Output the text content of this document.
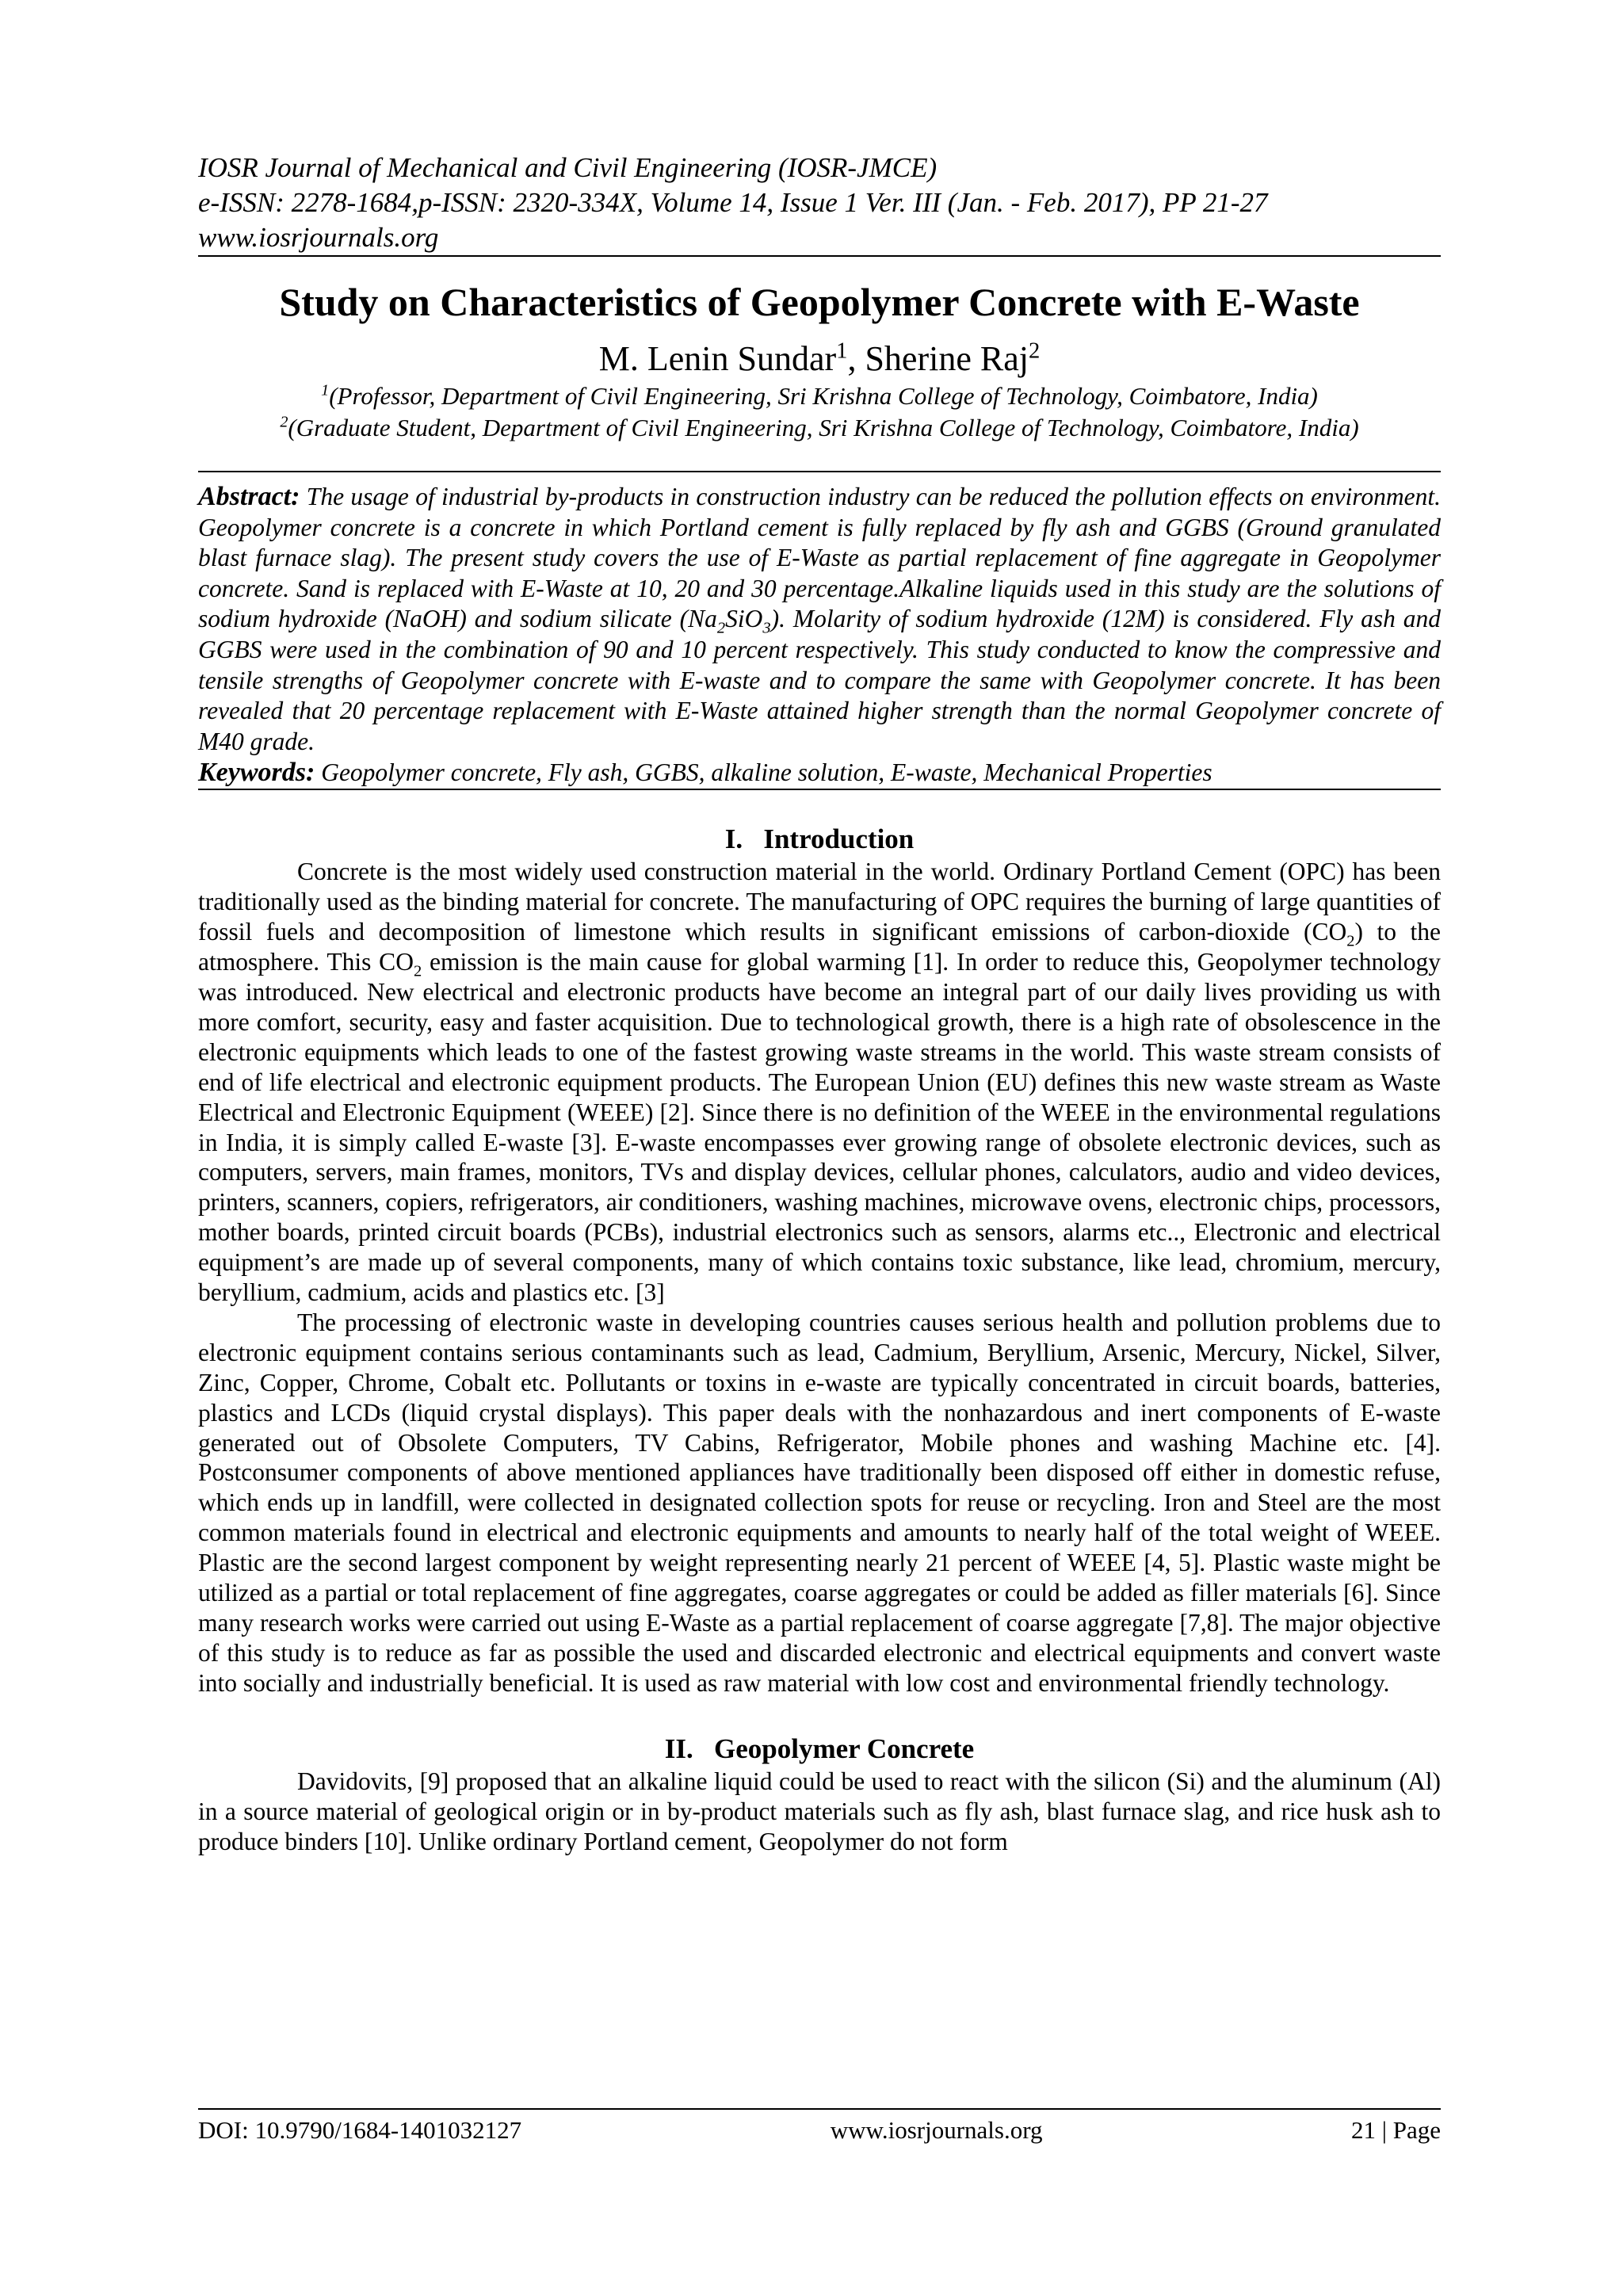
IOSR Journal of Mechanical and Civil Engineering (IOSR-JMCE)
e-ISSN: 2278-1684,p-ISSN: 2320-334X, Volume 14, Issue 1 Ver. III (Jan. - Feb. 2017), PP 21-27
www.iosrjournals.org
Study on Characteristics of Geopolymer Concrete with E-Waste
M. Lenin Sundar$^1$, Sherine Raj$^2$
$^1$(Professor, Department of Civil Engineering, Sri Krishna College of Technology, Coimbatore, India)
$^2$(Graduate Student, Department of Civil Engineering, Sri Krishna College of Technology, Coimbatore, India)
Abstract: The usage of industrial by-products in construction industry can be reduced the pollution effects on environment. Geopolymer concrete is a concrete in which Portland cement is fully replaced by fly ash and GGBS (Ground granulated blast furnace slag). The present study covers the use of E-Waste as partial replacement of fine aggregate in Geopolymer concrete. Sand is replaced with E-Waste at 10, 20 and 30 percentage.Alkaline liquids used in this study are the solutions of sodium hydroxide (NaOH) and sodium silicate $(Na_2SiO_3)$. Molarity of sodium hydroxide (12M) is considered. Fly ash and GGBS were used in the combination of 90 and 10 percent respectively. This study conducted to know the compressive and tensile strengths of Geopolymer concrete with E-waste and to compare the same with Geopolymer concrete. It has been revealed that 20 percentage replacement with E-Waste attained higher strength than the normal Geopolymer concrete of M40 grade.
Keywords: Geopolymer concrete, Fly ash, GGBS, alkaline solution, E-waste, Mechanical Properties
I.  Introduction

Concrete is the most widely used construction material in the world. Ordinary Portland Cement (OPC) has been traditionally used as the binding material for concrete. The manufacturing of OPC requires the burning of large quantities of fossil fuels and decomposition of limestone which results in significant emissions of carbon-dioxide $(CO_2)$ to the atmosphere. This $CO_2$ emission is the main cause for global warming [1]. In order to reduce this, Geopolymer technology was introduced. New electrical and electronic products have become an integral part of our daily lives providing us with more comfort, security, easy and faster acquisition. Due to technological growth, there is a high rate of obsolescence in the electronic equipments which leads to one of the fastest growing waste streams in the world. This waste stream consists of end of life electrical and electronic equipment products. The European Union (EU) defines this new waste stream as Waste Electrical and Electronic Equipment (WEEE) [2]. Since there is no definition of the WEEE in the environmental regulations in India, it is simply called E-waste [3]. E-waste encompasses ever growing range of obsolete electronic devices, such as computers, servers, main frames, monitors, TVs and display devices, cellular phones, calculators, audio and video devices, printers, scanners, copiers, refrigerators, air conditioners, washing machines, microwave ovens, electronic chips, processors, mother boards, printed circuit boards (PCBs), industrial electronics such as sensors, alarms etc.., Electronic and electrical equipment’s are made up of several components, many of which contains toxic substance, like lead, chromium, mercury, beryllium, cadmium, acids and plastics etc. [3]

The processing of electronic waste in developing countries causes serious health and pollution problems due to electronic equipment contains serious contaminants such as lead, Cadmium, Beryllium, Arsenic, Mercury, Nickel, Silver, Zinc, Copper, Chrome, Cobalt etc. Pollutants or toxins in e-waste are typically concentrated in circuit boards, batteries, plastics and LCDs (liquid crystal displays). This paper deals with the nonhazardous and inert components of E-waste generated out of Obsolete Computers, TV Cabins, Refrigerator, Mobile phones and washing Machine etc. [4]. Postconsumer components of above mentioned appliances have traditionally been disposed off either in domestic refuse, which ends up in landfill, were collected in designated collection spots for reuse or recycling. Iron and Steel are the most common materials found in electrical and electronic equipments and amounts to nearly half of the total weight of WEEE. Plastic are the second largest component by weight representing nearly 21 percent of WEEE [4, 5]. Plastic waste might be utilized as a partial or total replacement of fine aggregates, coarse aggregates or could be added as filler materials [6]. Since many research works were carried out using E-Waste as a partial replacement of coarse aggregate [7,8]. The major objective of this study is to reduce as far as possible the used and discarded electronic and electrical equipments and convert waste into socially and industrially beneficial. It is used as raw material with low cost and environmental friendly technology.

II.  Geopolymer Concrete

Davidovits, [9] proposed that an alkaline liquid could be used to react with the silicon (Si) and the aluminum (Al) in a source material of geological origin or in by-product materials such as fly ash, blast furnace slag, and rice husk ash to produce binders [10]. Unlike ordinary Portland cement, Geopolymer do not form

DOI: 10.9790/1684-1401032127	www.iosrjournals.org	21 | Page
